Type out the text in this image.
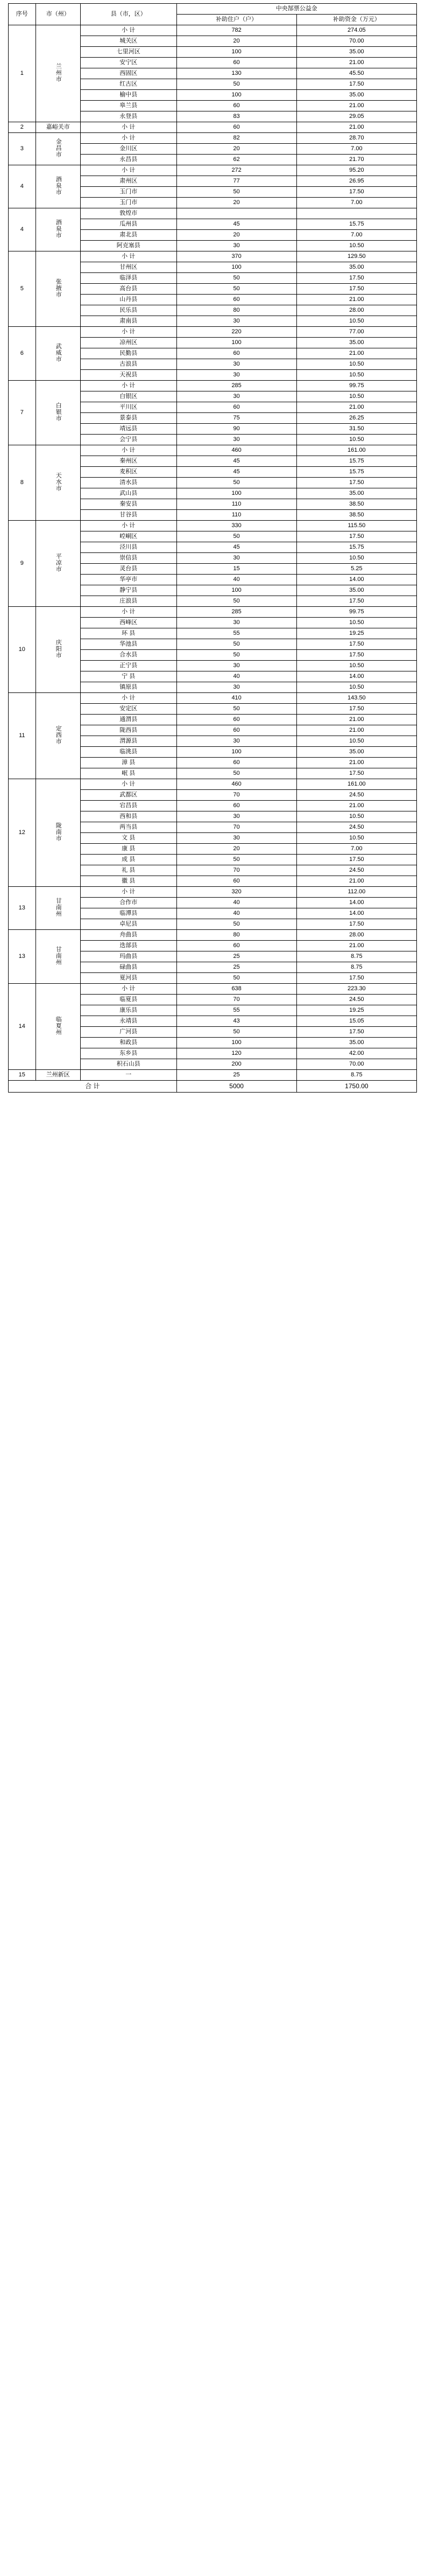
序号	市（州）	县（市，区）	中央郜票公益金	
			补助住户（户）	补助资金（万元）
1	兰州市	小 计	782	274.05
		城关区	20	70.00
		七里河区	100	35.00
		安宁区	60	21.00
		西固区	130	45.50
		红古区	50	17.50
		榆中县	100	35.00
		皋兰县	60	21.00
		永登县	83	29.05
2	嘉峪关市	小 计	60	21.00
3	金昌市	小 计	82	28.70
		金川区	20	7.00
		永昌县	62	21.70
4	酒泉市	小 计	272	95.20
		肃州区	77	26.95
		玉门市	50	17.50
		玉门市	20	7.00
4	酒泉市	敦煌市		
		瓜州县	45	15.75
		肃北县	20	7.00
		阿克塞县	30	10.50
5	张掖市	小 计	370	129.50
		甘州区	100	35.00
		临泽县	50	17.50
		高台县	50	17.50
		山丹县	60	21.00
		民乐县	80	28.00
		肃南县	30	10.50
6	武威市	小 计	220	77.00
		凉州区	100	35.00
		民勤县	60	21.00
		古浪县	30	10.50
		天祝县	30	10.50
7	白银市	小 计	285	99.75
		白银区	30	10.50
		平川区	60	21.00
		景泰县	75	26.25
		靖远县	90	31.50
		会宁县	30	10.50
8	天水市	小 计	460	161.00
		秦州区	45	15.75
		麦积区	45	15.75
		清水县	50	17.50
		武山县	100	35.00
		秦安县	110	38.50
		甘谷县	110	38.50
9	平凉市	小 计	330	115.50
		崆峒区	50	17.50
		泾川县	45	15.75
		崇信县	30	10.50
		灵台县	15	5.25
		华亭市	40	14.00
		静宁县	100	35.00
		庄浪县	50	17.50
10	庆阳市	小 计	285	99.75
		西峰区	30	10.50
		环 县	55	19.25
		华池县	50	17.50
		合水县	50	17.50
		正宁县	30	10.50
		宁 县	40	14.00
		镇原县	30	10.50
11	定西市	小 计	410	143.50
		安定区	50	17.50
		通渭县	60	21.00
		陇西县	60	21.00
		渭源县	30	10.50
		临洮县	100	35.00
		漳 县	60	21.00
		岷 县	50	17.50
12	陇南市	小 计	460	161.00
		武都区	70	24.50
		宕昌县	60	21.00
		西和县	30	10.50
		两当县	70	24.50
		文 县	30	10.50
		康 县	20	7.00
		成 县	50	17.50
		礼 县	70	24.50
		徽 县	60	21.00
13	甘南州	小 计	320	112.00
		合作市	40	14.00
		临潭县	40	14.00
		卓尼县	50	17.50
13	甘南州	舟曲县	80	28.00
		迭部县	60	21.00
		玛曲县	25	8.75
		碌曲县	25	8.75
		夏河县	50	17.50
14	临夏州	小 计	638	223.30
		临夏县	70	24.50
		康乐县	55	19.25
		永靖县	43	15.05
		广河县	50	17.50
		和政县	100	35.00
		东乡县	120	42.00
		积石山县	200	70.00
15	兰州新区	一	25	8.75
合 计			5000	1750.00
